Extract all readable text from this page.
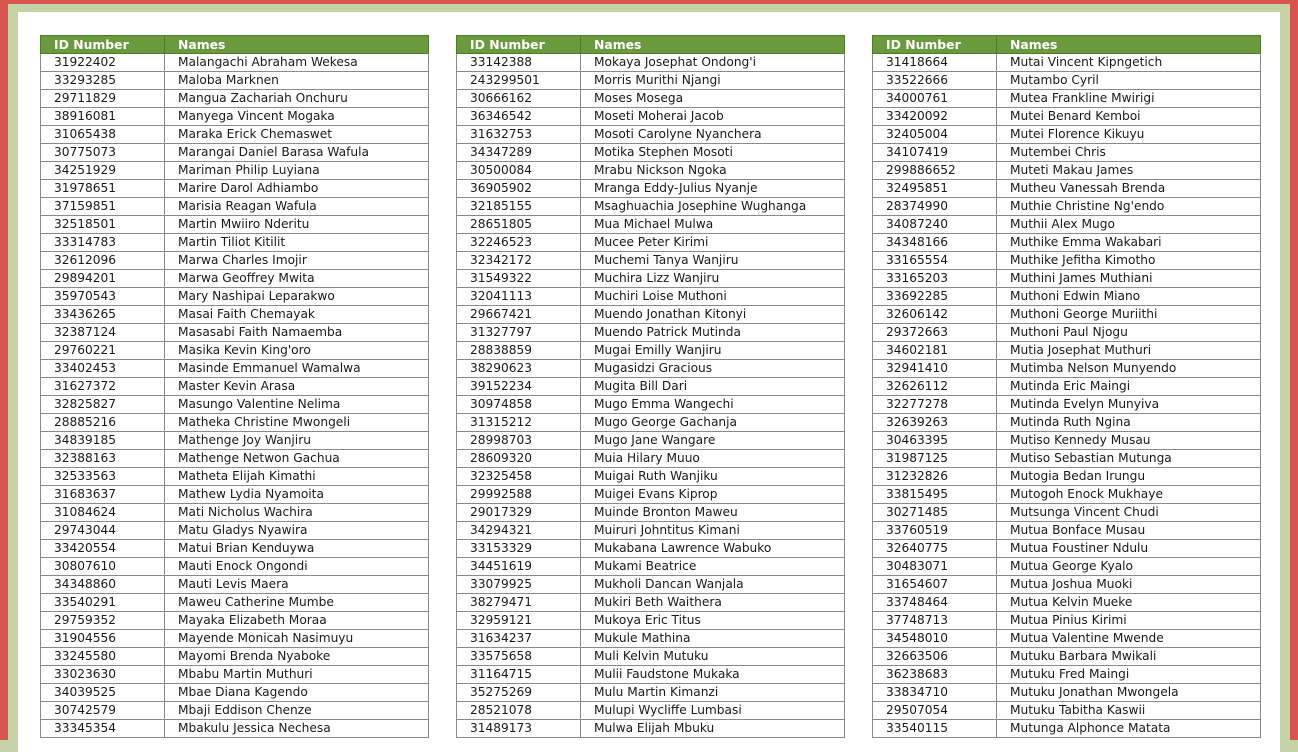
ID Number	Names
31922402	Malangachi Abraham Wekesa
33293285	Maloba Marknen
29711829	Mangua Zachariah Onchuru
38916081	Manyega Vincent Mogaka
31065438	Maraka Erick Chemaswet
30775073	Marangai Daniel Barasa Wafula
34251929	Mariman Philip Luyiana
31978651	Marire Darol Adhiambo
37159851	Marisia Reagan Wafula
32518501	Martin Mwiiro Nderitu
33314783	Martin Tiliot Kitilit
32612096	Marwa Charles Imojir
29894201	Marwa Geoffrey Mwita
35970543	Mary Nashipai Leparakwo
33436265	Masai Faith Chemayak
32387124	Masasabi Faith Namaemba
29760221	Masika Kevin King'oro
33402453	Masinde Emmanuel Wamalwa
31627372	Master Kevin Arasa
32825827	Masungo Valentine Nelima
28885216	Matheka Christine Mwongeli
34839185	Mathenge Joy Wanjiru
32388163	Mathenge Netwon Gachua
32533563	Matheta Elijah Kimathi
31683637	Mathew Lydia Nyamoita
31084624	Mati Nicholus Wachira
29743044	Matu Gladys Nyawira
33420554	Matui Brian Kenduywa
30807610	Mauti Enock Ongondi
34348860	Mauti Levis Maera
33540291	Maweu Catherine Mumbe
29759352	Mayaka Elizabeth Moraa
31904556	Mayende Monicah Nasimuyu
33245580	Mayomi Brenda Nyaboke
33023630	Mbabu Martin Muthuri
34039525	Mbae Diana Kagendo
30742579	Mbaji Eddison Chenze
33345354	Mbakulu Jessica Nechesa
ID Number	Names
33142388	Mokaya Josephat Ondong'i
243299501	Morris Murithi Njangi
30666162	Moses Mosega
36346542	Moseti Moherai Jacob
31632753	Mosoti Carolyne Nyanchera
34347289	Motika Stephen Mosoti
30500084	Mrabu Nickson Ngoka
36905902	Mranga Eddy-Julius Nyanje
32185155	Msaghuachia Josephine Wughanga
28651805	Mua Michael Mulwa
32246523	Mucee Peter Kirimi
32342172	Muchemi Tanya Wanjiru
31549322	Muchira Lizz Wanjiru
32041113	Muchiri Loise Muthoni
29667421	Muendo Jonathan Kitonyi
31327797	Muendo Patrick Mutinda
28838859	Mugai Emilly Wanjiru
38290623	Mugasidzi Gracious
39152234	Mugita Bill Dari
30974858	Mugo Emma Wangechi
31315212	Mugo George Gachanja
28998703	Mugo Jane Wangare
28609320	Muia Hilary Muuo
32325458	Muigai Ruth Wanjiku
29992588	Muigei Evans Kiprop
29017329	Muinde Bronton Maweu
34294321	Muiruri Johntitus Kimani
33153329	Mukabana Lawrence Wabuko
34451619	Mukami Beatrice
33079925	Mukholi Dancan Wanjala
38279471	Mukiri Beth Waithera
32959121	Mukoya Eric Titus
31634237	Mukule Mathina
33575658	Muli Kelvin Mutuku
31164715	Mulii Faudstone Mukaka
35275269	Mulu Martin Kimanzi
28521078	Mulupi Wycliffe Lumbasi
31489173	Mulwa Elijah Mbuku
ID Number	Names
31418664	Mutai Vincent Kipngetich
33522666	Mutambo Cyril
34000761	Mutea Frankline Mwirigi
33420092	Mutei Benard Kemboi
32405004	Mutei Florence Kikuyu
34107419	Mutembei Chris
299886652	Muteti Makau James
32495851	Mutheu Vanessah Brenda
28374990	Muthie Christine Ng'endo
34087240	Muthii Alex Mugo
34348166	Muthike Emma Wakabari
33165554	Muthike Jefitha Kimotho
33165203	Muthini James Muthiani
33692285	Muthoni Edwin Miano
32606142	Muthoni George Muriithi
29372663	Muthoni Paul Njogu
34602181	Mutia Josephat Muthuri
32941410	Mutimba Nelson Munyendo
32626112	Mutinda Eric Maingi
32277278	Mutinda Evelyn Munyiva
32639263	Mutinda Ruth Ngina
30463395	Mutiso Kennedy Musau
31987125	Mutiso Sebastian Mutunga
31232826	Mutogia Bedan Irungu
33815495	Mutogoh Enock Mukhaye
30271485	Mutsunga Vincent Chudi
33760519	Mutua Bonface Musau
32640775	Mutua Foustiner Ndulu
30483071	Mutua George Kyalo
31654607	Mutua Joshua Muoki
33748464	Mutua Kelvin Mueke
37748713	Mutua Pinius Kirimi
34548010	Mutua Valentine Mwende
32663506	Mutuku Barbara Mwikali
36238683	Mutuku Fred Maingi
33834710	Mutuku Jonathan Mwongela
29507054	Mutuku Tabitha Kaswii
33540115	Mutunga Alphonce Matata
